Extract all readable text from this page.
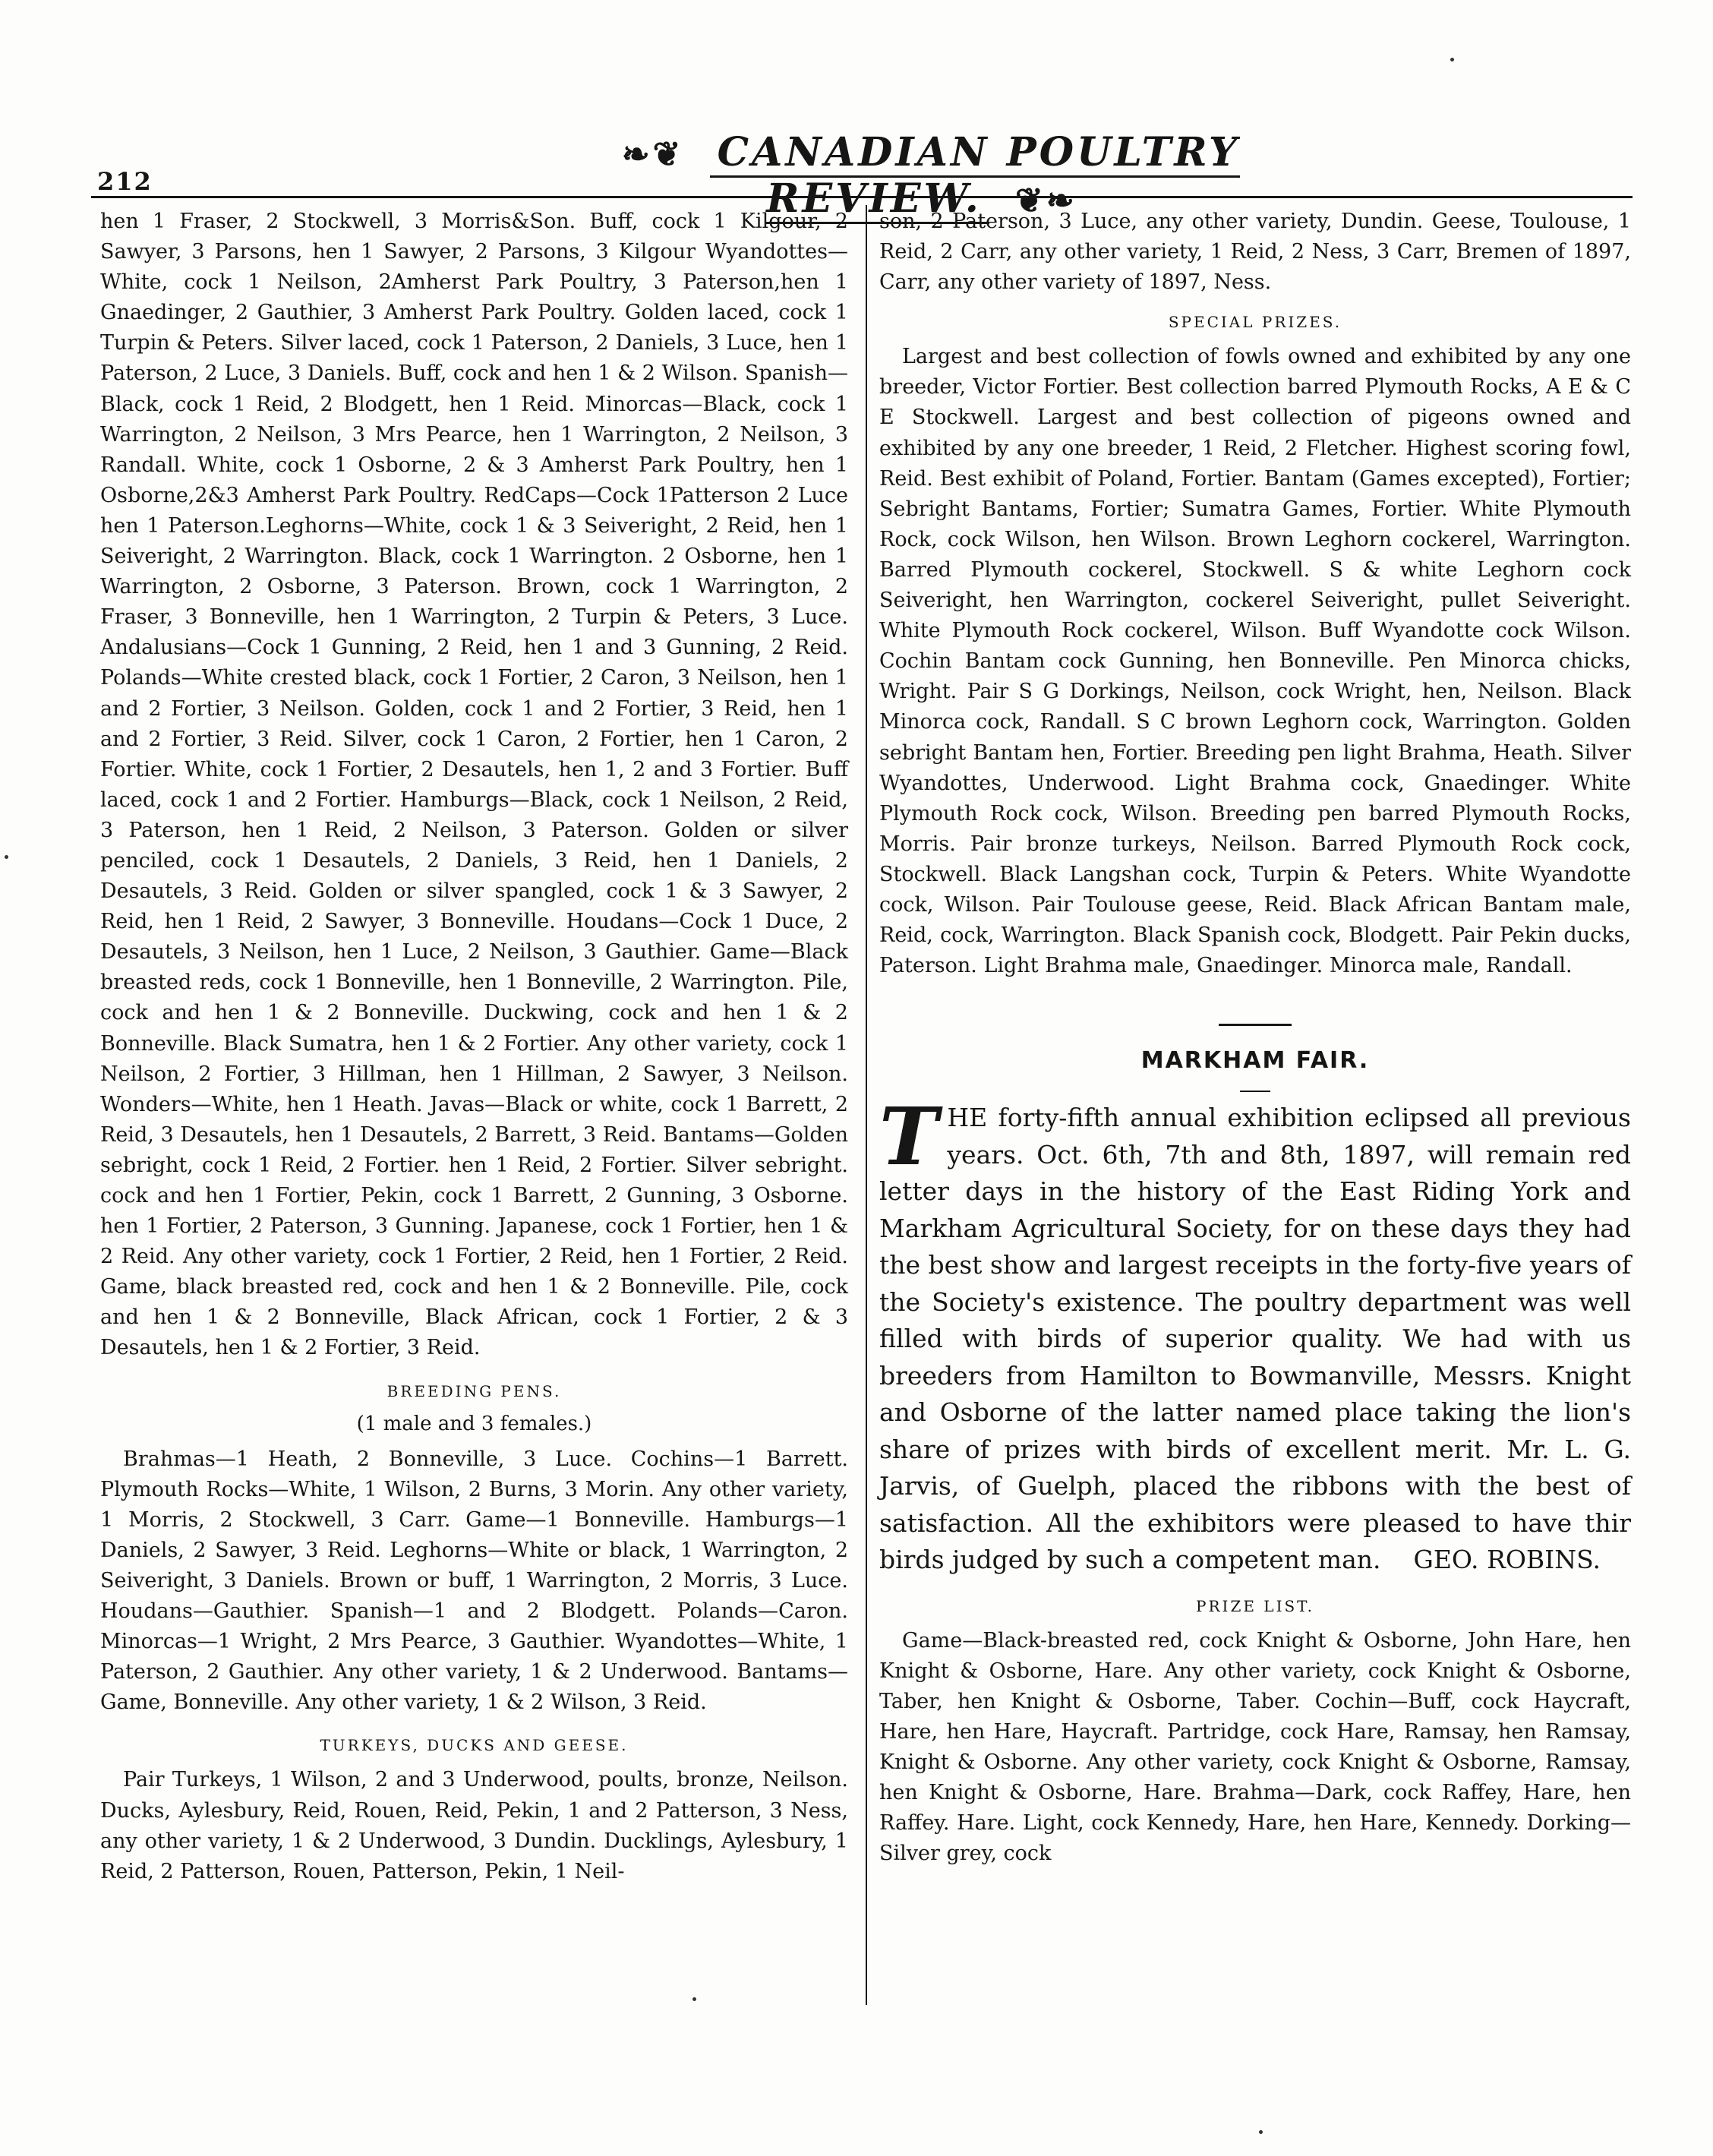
212
❧❦ CANADIAN POULTRY REVIEW. ❦❧

hen 1 Fraser, 2 Stockwell, 3 Morris&Son. Buff, cock 1 Kilgour, 2 Sawyer, 3 Parsons, hen 1 Sawyer, 2 Parsons, 3 Kilgour Wyandottes—White, cock 1 Neilson, 2Amherst Park Poultry, 3 Paterson,hen 1 Gnaedinger, 2 Gauthier, 3 Amherst Park Poultry. Golden laced, cock 1 Turpin & Peters. Silver laced, cock 1 Paterson, 2 Daniels, 3 Luce, hen 1 Paterson, 2 Luce, 3 Daniels. Buff, cock and hen 1 & 2 Wilson. Spanish—Black, cock 1 Reid, 2 Blodgett, hen 1 Reid. Minorcas—Black, cock 1 Warrington, 2 Neilson, 3 Mrs Pearce, hen 1 Warrington, 2 Neilson, 3 Randall. White, cock 1 Osborne, 2 & 3 Amherst Park Poultry, hen 1 Osborne,2&3 Amherst Park Poultry. RedCaps—Cock 1Patterson 2 Luce hen 1 Paterson.Leghorns—White, cock 1 & 3 Seiveright, 2 Reid, hen 1 Seiveright, 2 Warrington. Black, cock 1 Warrington. 2 Osborne, hen 1 Warrington, 2 Osborne, 3 Paterson. Brown, cock 1 Warrington, 2 Fraser, 3 Bonneville, hen 1 Warrington, 2 Turpin & Peters, 3 Luce. Andalusians—Cock 1 Gunning, 2 Reid, hen 1 and 3 Gunning, 2 Reid. Polands—White crested black, cock 1 Fortier, 2 Caron, 3 Neilson, hen 1 and 2 Fortier, 3 Neilson. Golden, cock 1 and 2 Fortier, 3 Reid, hen 1 and 2 Fortier, 3 Reid. Silver, cock 1 Caron, 2 Fortier, hen 1 Caron, 2 Fortier. White, cock 1 Fortier, 2 Desautels, hen 1, 2 and 3 Fortier. Buff laced, cock 1 and 2 Fortier. Hamburgs—Black, cock 1 Neilson, 2 Reid, 3 Paterson, hen 1 Reid, 2 Neilson, 3 Paterson. Golden or silver penciled, cock 1 Desautels, 2 Daniels, 3 Reid, hen 1 Daniels, 2 Desautels, 3 Reid. Golden or silver spangled, cock 1 & 3 Sawyer, 2 Reid, hen 1 Reid, 2 Sawyer, 3 Bonneville. Houdans—Cock 1 Duce, 2 Desautels, 3 Neilson, hen 1 Luce, 2 Neilson, 3 Gauthier. Game—Black breasted reds, cock 1 Bonneville, hen 1 Bonneville, 2 Warrington. Pile, cock and hen 1 & 2 Bonneville. Duckwing, cock and hen 1 & 2 Bonneville. Black Sumatra, hen 1 & 2 Fortier. Any other variety, cock 1 Neilson, 2 Fortier, 3 Hillman, hen 1 Hillman, 2 Sawyer, 3 Neilson. Wonders—White, hen 1 Heath. Javas—Black or white, cock 1 Barrett, 2 Reid, 3 Desautels, hen 1 Desautels, 2 Barrett, 3 Reid. Bantams—Golden sebright, cock 1 Reid, 2 Fortier. hen 1 Reid, 2 Fortier. Silver sebright. cock and hen 1 Fortier, Pekin, cock 1 Barrett, 2 Gunning, 3 Osborne. hen 1 Fortier, 2 Paterson, 3 Gunning. Japanese, cock 1 Fortier, hen 1 & 2 Reid. Any other variety, cock 1 Fortier, 2 Reid, hen 1 Fortier, 2 Reid. Game, black breasted red, cock and hen 1 & 2 Bonneville. Pile, cock and hen 1 & 2 Bonneville, Black African, cock 1 Fortier, 2 & 3 Desautels, hen 1 & 2 Fortier, 3 Reid.

BREEDING PENS.
(1 male and 3 females.)

Brahmas—1 Heath, 2 Bonneville, 3 Luce. Cochins—1 Barrett. Plymouth Rocks—White, 1 Wilson, 2 Burns, 3 Morin. Any other variety, 1 Morris, 2 Stockwell, 3 Carr. Game—1 Bonneville. Hamburgs—1 Daniels, 2 Sawyer, 3 Reid. Leghorns—White or black, 1 Warrington, 2 Seiveright, 3 Daniels. Brown or buff, 1 Warrington, 2 Morris, 3 Luce. Houdans—Gauthier. Spanish—1 and 2 Blodgett. Polands—Caron. Minorcas—1 Wright, 2 Mrs Pearce, 3 Gauthier. Wyandottes—White, 1 Paterson, 2 Gauthier. Any other variety, 1 & 2 Underwood. Bantams—Game, Bonneville. Any other variety, 1 & 2 Wilson, 3 Reid.

TURKEYS, DUCKS AND GEESE.

Pair Turkeys, 1 Wilson, 2 and 3 Underwood, poults, bronze, Neilson. Ducks, Aylesbury, Reid, Rouen, Reid, Pekin, 1 and 2 Patterson, 3 Ness, any other variety, 1 & 2 Underwood, 3 Dundin. Ducklings, Aylesbury, 1 Reid, 2 Patterson, Rouen, Patterson, Pekin, 1 Neil-

son, 2 Paterson, 3 Luce, any other variety, Dundin. Geese, Toulouse, 1 Reid, 2 Carr, any other variety, 1 Reid, 2 Ness, 3 Carr, Bremen of 1897, Carr, any other variety of 1897, Ness.

SPECIAL PRIZES.

Largest and best collection of fowls owned and exhibited by any one breeder, Victor Fortier. Best collection barred Plymouth Rocks, A E & C E Stockwell. Largest and best collection of pigeons owned and exhibited by any one breeder, 1 Reid, 2 Fletcher. Highest scoring fowl, Reid. Best exhibit of Poland, Fortier. Bantam (Games excepted), Fortier; Sebright Bantams, Fortier; Sumatra Games, Fortier. White Plymouth Rock, cock Wilson, hen Wilson. Brown Leghorn cockerel, Warrington. Barred Plymouth cockerel, Stockwell. S & white Leghorn cock Seiveright, hen Warrington, cockerel Seiveright, pullet Seiveright. White Plymouth Rock cockerel, Wilson. Buff Wyandotte cock Wilson. Cochin Bantam cock Gunning, hen Bonneville. Pen Minorca chicks, Wright. Pair S G Dorkings, Neilson, cock Wright, hen, Neilson. Black Minorca cock, Randall. S C brown Leghorn cock, Warrington. Golden sebright Bantam hen, Fortier. Breeding pen light Brahma, Heath. Silver Wyandottes, Underwood. Light Brahma cock, Gnaedinger. White Plymouth Rock cock, Wilson. Breeding pen barred Plymouth Rocks, Morris. Pair bronze turkeys, Neilson. Barred Plymouth Rock cock, Stockwell. Black Langshan cock, Turpin & Peters. White Wyandotte cock, Wilson. Pair Toulouse geese, Reid. Black African Bantam male, Reid, cock, Warrington. Black Spanish cock, Blodgett. Pair Pekin ducks, Paterson. Light Brahma male, Gnaedinger. Minorca male, Randall.

MARKHAM FAIR.
T HE forty-fifth annual exhibition eclipsed all previous years. Oct. 6th, 7th and 8th, 1897, will remain red letter days in the history of the East Riding York and Markham Agricultural Society, for on these days they had the best show and largest receipts in the forty-five years of the Society's existence. The poultry department was well filled with birds of superior quality. We had with us breeders from Hamilton to Bowmanville, Messrs. Knight and Osborne of the latter named place taking the lion's share of prizes with birds of excellent merit. Mr. L. G. Jarvis, of Guelph, placed the ribbons with the best of satisfaction. All the exhibitors were pleased to have thir birds judged by such a competent man. GEO. ROBINS.
PRIZE LIST.

Game—Black-breasted red, cock Knight & Osborne, John Hare, hen Knight & Osborne, Hare. Any other variety, cock Knight & Osborne, Taber, hen Knight & Osborne, Taber. Cochin—Buff, cock Haycraft, Hare, hen Hare, Haycraft. Partridge, cock Hare, Ramsay, hen Ramsay, Knight & Osborne. Any other variety, cock Knight & Osborne, Ramsay, hen Knight & Osborne, Hare. Brahma—Dark, cock Raffey, Hare, hen Raffey. Hare. Light, cock Kennedy, Hare, hen Hare, Kennedy. Dorking—Silver grey, cock
